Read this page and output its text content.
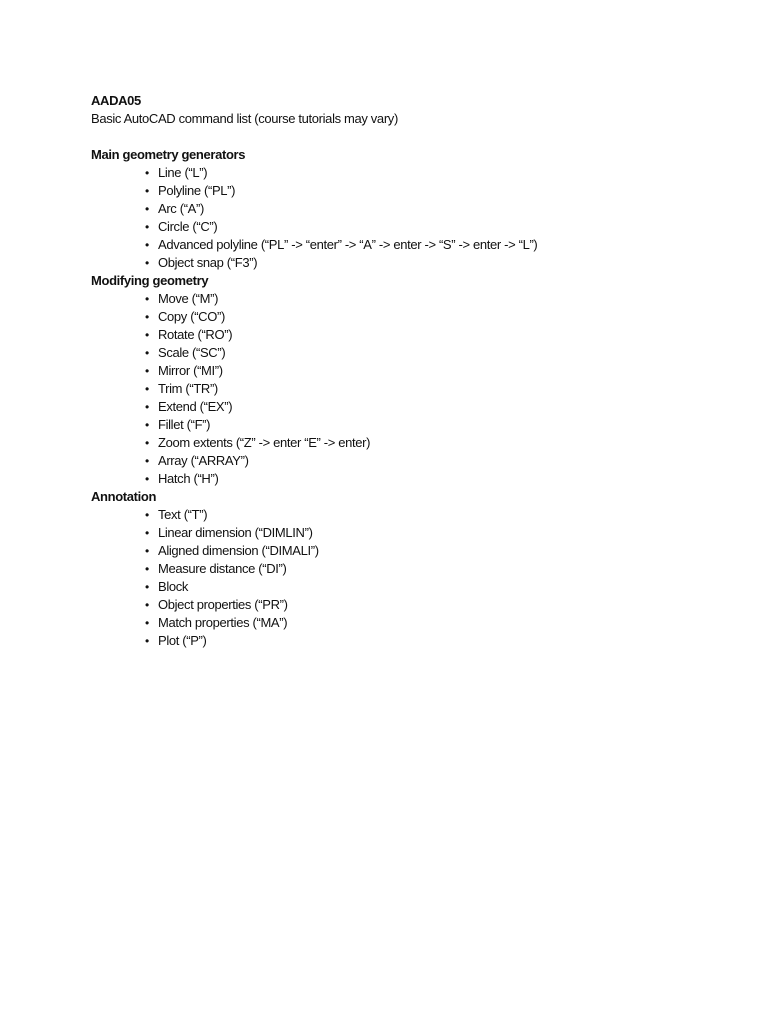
AADA05
Basic AutoCAD command list (course tutorials may vary)
Main geometry generators
• Line (“L”)
• Polyline (“PL”)
• Arc (“A”)
• Circle (“C”)
• Advanced polyline (“PL” -> “enter” -> “A” -> enter -> “S” -> enter -> “L”)
• Object snap (“F3”)
Modifying geometry
• Move (“M”)
• Copy (“CO”)
• Rotate (“RO”)
• Scale (“SC”)
• Mirror (“MI”)
• Trim (“TR”)
• Extend (“EX”)
• Fillet (“F”)
• Zoom extents (“Z” -> enter “E” -> enter)
• Array (“ARRAY”)
• Hatch (“H”)
Annotation
• Text (“T”)
• Linear dimension (“DIMLIN”)
• Aligned dimension (“DIMALI”)
• Measure distance (“DI”)
• Block
• Object properties (“PR”)
• Match properties (“MA”)
• Plot (“P”)
